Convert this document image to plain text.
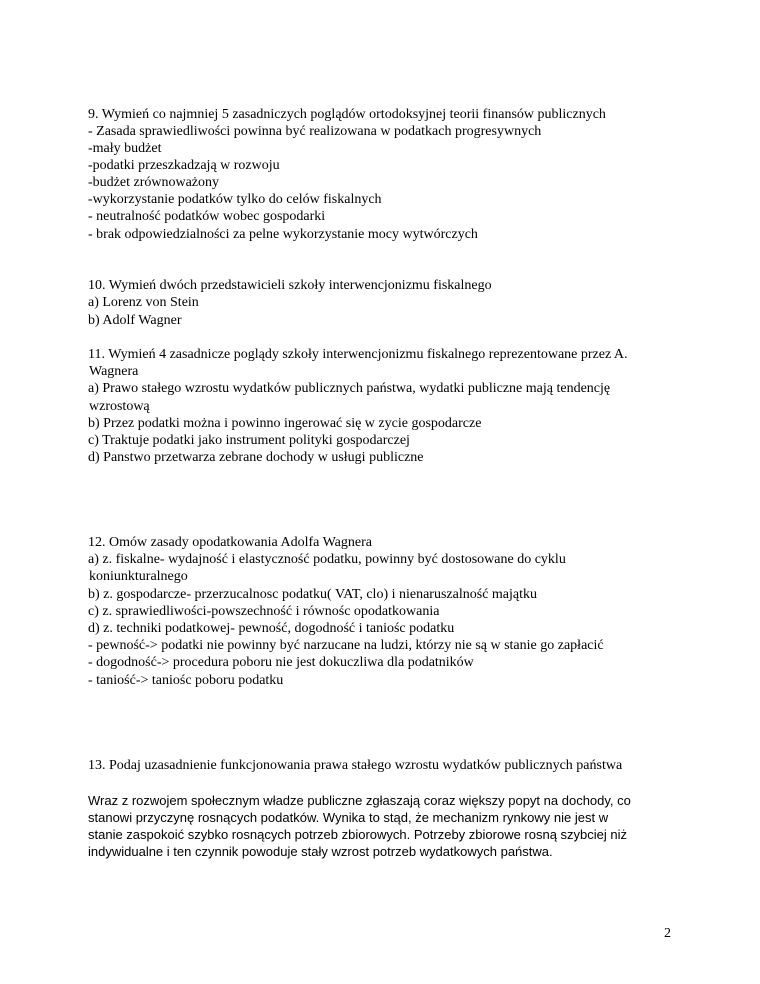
9. Wymień co najmniej 5 zasadniczych poglądów ortodoksyjnej teorii finansów publicznych
- Zasada sprawiedliwości powinna być realizowana w podatkach progresywnych
-mały budżet
-podatki przeszkadzają w rozwoju
-budżet zrównoważony
-wykorzystanie podatków tylko do celów fiskalnych
- neutralność podatków wobec gospodarki
- brak odpowiedzialności za pelne wykorzystanie mocy wytwórczych
10. Wymień dwóch przedstawicieli szkoły interwencjonizmu fiskalnego
a) Lorenz von Stein
b) Adolf Wagner
11. Wymień 4 zasadnicze poglądy szkoły interwencjonizmu fiskalnego reprezentowane przez A.
Wagnera
a) Prawo stałego wzrostu wydatków publicznych państwa, wydatki publiczne mają tendencję
wzrostową
b) Przez podatki można i powinno ingerować się w zycie gospodarcze
c) Traktuje podatki jako instrument polityki gospodarczej
d) Panstwo przetwarza zebrane dochody w usługi publiczne
12. Omów zasady opodatkowania Adolfa Wagnera
a) z. fiskalne- wydajność i elastyczność podatku, powinny być dostosowane do cyklu
koniunkturalnego
b) z. gospodarcze- przerzucalnosc podatku( VAT, clo) i nienaruszalność majątku
c) z. sprawiedliwości-powszechność i równośc opodatkowania
d) z. techniki podatkowej- pewność, dogodność i taniośc podatku
- pewność-> podatki nie powinny być narzucane na ludzi, którzy nie są w stanie go zapłacić
- dogodność-> procedura poboru nie jest dokuczliwa dla podatników
- taniość-> taniośc poboru podatku
13. Podaj uzasadnienie funkcjonowania prawa stałego wzrostu wydatków publicznych państwa
Wraz z rozwojem społecznym władze publiczne zgłaszają coraz większy popyt na dochody, co
stanowi przyczynę rosnących podatków. Wynika to stąd, że mechanizm rynkowy nie jest w
stanie zaspokoić szybko rosnących potrzeb zbiorowych. Potrzeby zbiorowe rosną szybciej niż
indywidualne i ten czynnik powoduje stały wzrost potrzeb wydatkowych państwa.
2
